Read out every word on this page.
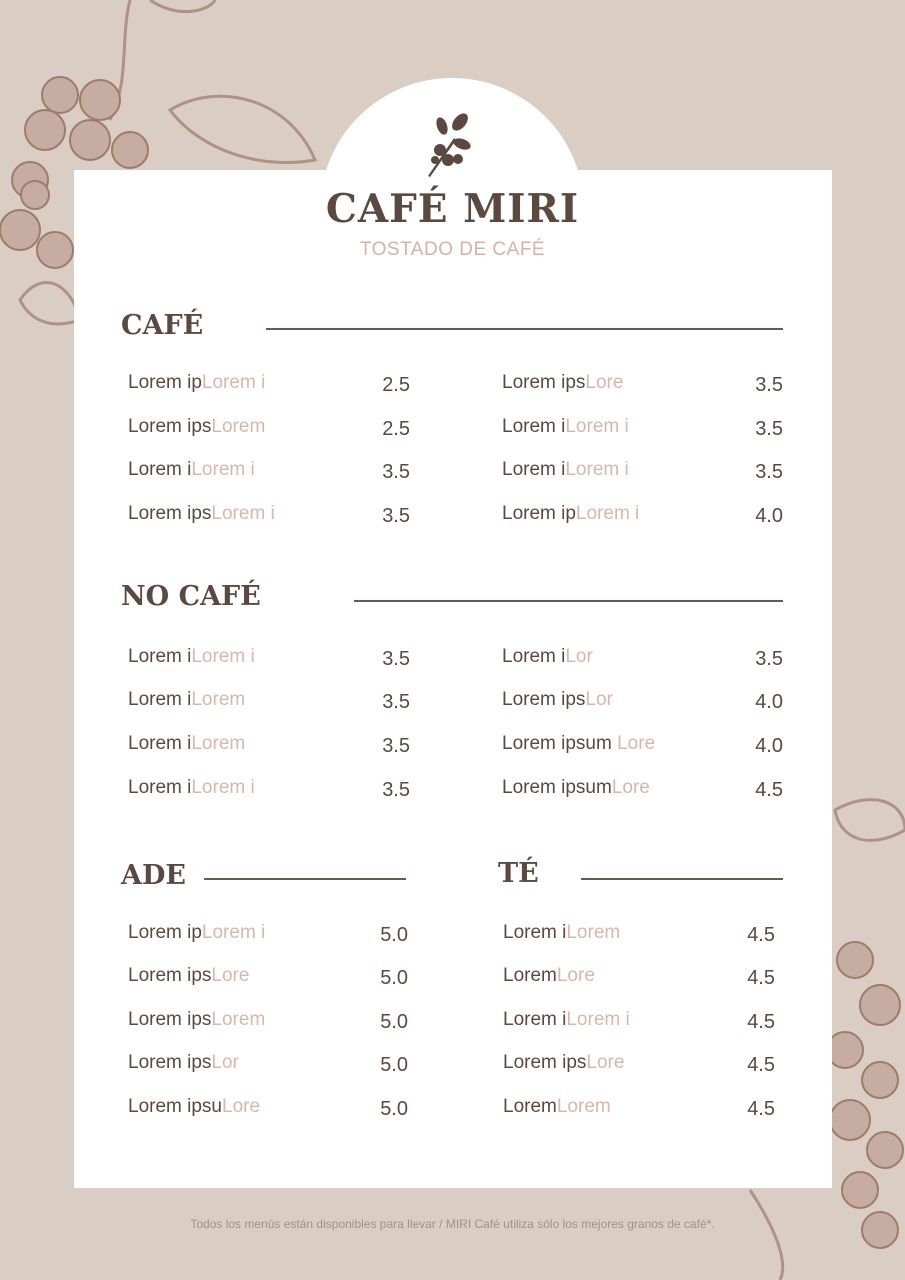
CAFÉ MIRI
TOSTADO DE CAFÉ
CAFÉ
Lorem ipLorem i	2.5
Lorem ipsLorem	2.5
Lorem iLorem i	3.5
Lorem ipsLorem i	3.5
Lorem ipsLore	3.5
Lorem iLorem i	3.5
Lorem iLorem i	3.5
Lorem ipLorem i	4.0
NO CAFÉ
Lorem iLorem i	3.5
Lorem iLorem	3.5
Lorem iLorem	3.5
Lorem iLorem i	3.5
Lorem iLor	3.5
Lorem ipsLor	4.0
Lorem ipsum Lore	4.0
Lorem ipsumLore	4.5
ADE
Lorem ipLorem i	5.0
Lorem ipsLore	5.0
Lorem ipsLorem	5.0
Lorem ipsLor	5.0
Lorem ipsuLore	5.0
TÉ
Lorem iLorem	4.5
LoremLore	4.5
Lorem iLorem i	4.5
Lorem ipsLore	4.5
LoremLorem	4.5
Todos los menús están disponibles para llevar / MIRI Café utiliza sólo los mejores granos de café*.
